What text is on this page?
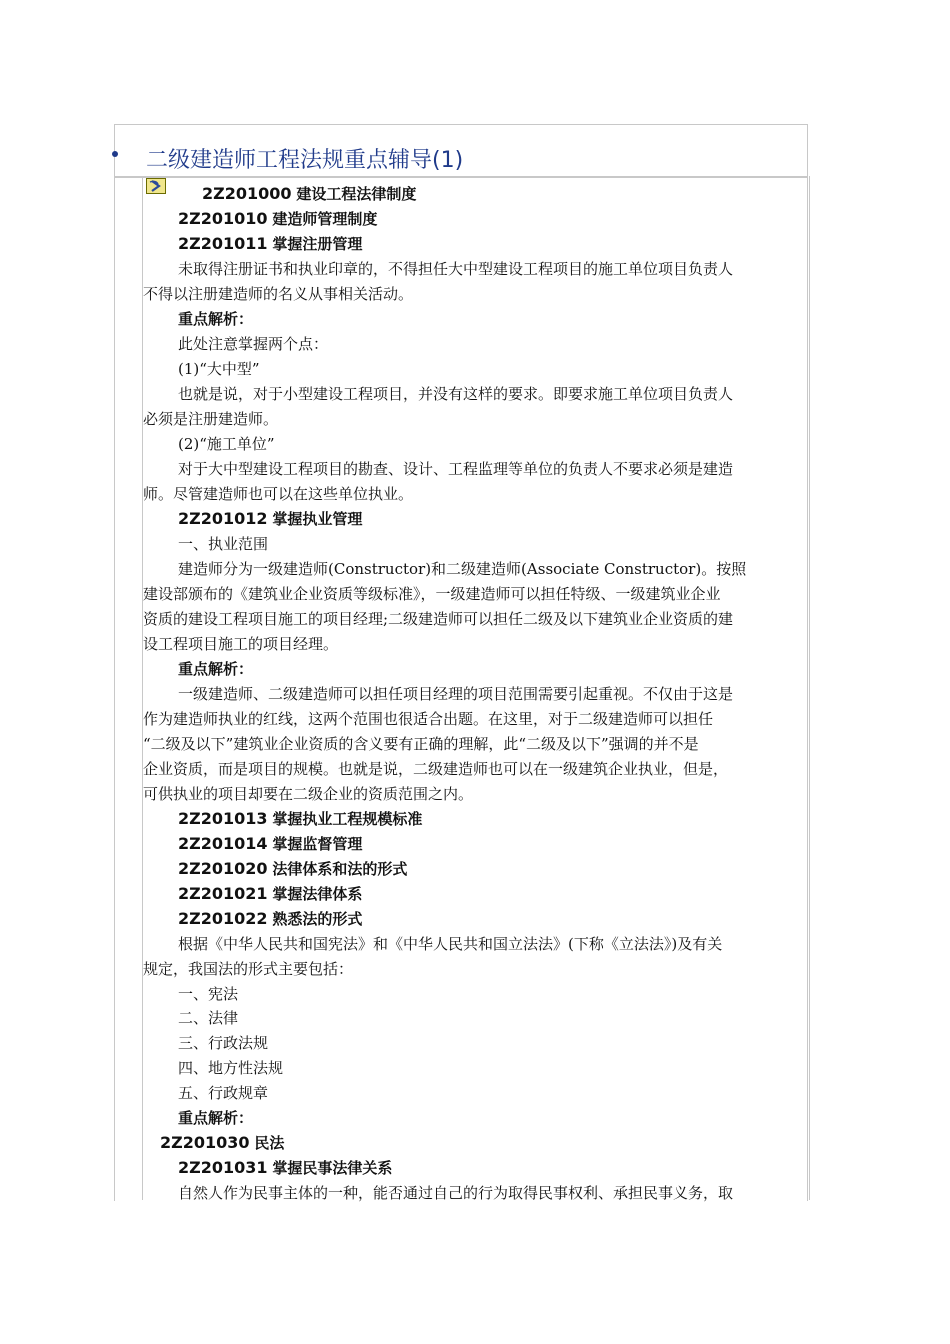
二级建造师工程法规重点辅导(1)
2Z201000 建设工程法律制度
2Z201010 建造师管理制度
2Z201011 掌握注册管理
未取得注册证书和执业印章的，不得担任大中型建设工程项目的施工单位项目负责人
不得以注册建造师的名义从事相关活动。
重点解析：
此处注意掌握两个点：
(1)“大中型”
也就是说，对于小型建设工程项目，并没有这样的要求。即要求施工单位项目负责人
必须是注册建造师。
(2)“施工单位”
对于大中型建设工程项目的勘查、设计、工程监理等单位的负责人不要求必须是建造
师。尽管建造师也可以在这些单位执业。
2Z201012 掌握执业管理
一、执业范围
建造师分为一级建造师(Constructor)和二级建造师(Associate Constructor)。按照
建设部颁布的《建筑业企业资质等级标准》，一级建造师可以担任特级、一级建筑业企业
资质的建设工程项目施工的项目经理;二级建造师可以担任二级及以下建筑业企业资质的建
设工程项目施工的项目经理。
重点解析：
一级建造师、二级建造师可以担任项目经理的项目范围需要引起重视。不仅由于这是
作为建造师执业的红线，这两个范围也很适合出题。在这里，对于二级建造师可以担任
“二级及以下”建筑业企业资质的含义要有正确的理解，此“二级及以下”强调的并不是
企业资质，而是项目的规模。也就是说，二级建造师也可以在一级建筑企业执业，但是，
可供执业的项目却要在二级企业的资质范围之内。
2Z201013 掌握执业工程规模标准
2Z201014 掌握监督管理
2Z201020 法律体系和法的形式
2Z201021 掌握法律体系
2Z201022 熟悉法的形式
根据《中华人民共和国宪法》和《中华人民共和国立法法》(下称《立法法》)及有关
规定，我国法的形式主要包括：
一、宪法
二、法律
三、行政法规
四、地方性法规
五、行政规章
重点解析：
2Z201030 民法
2Z201031 掌握民事法律关系
自然人作为民事主体的一种，能否通过自己的行为取得民事权利、承担民事义务，取
